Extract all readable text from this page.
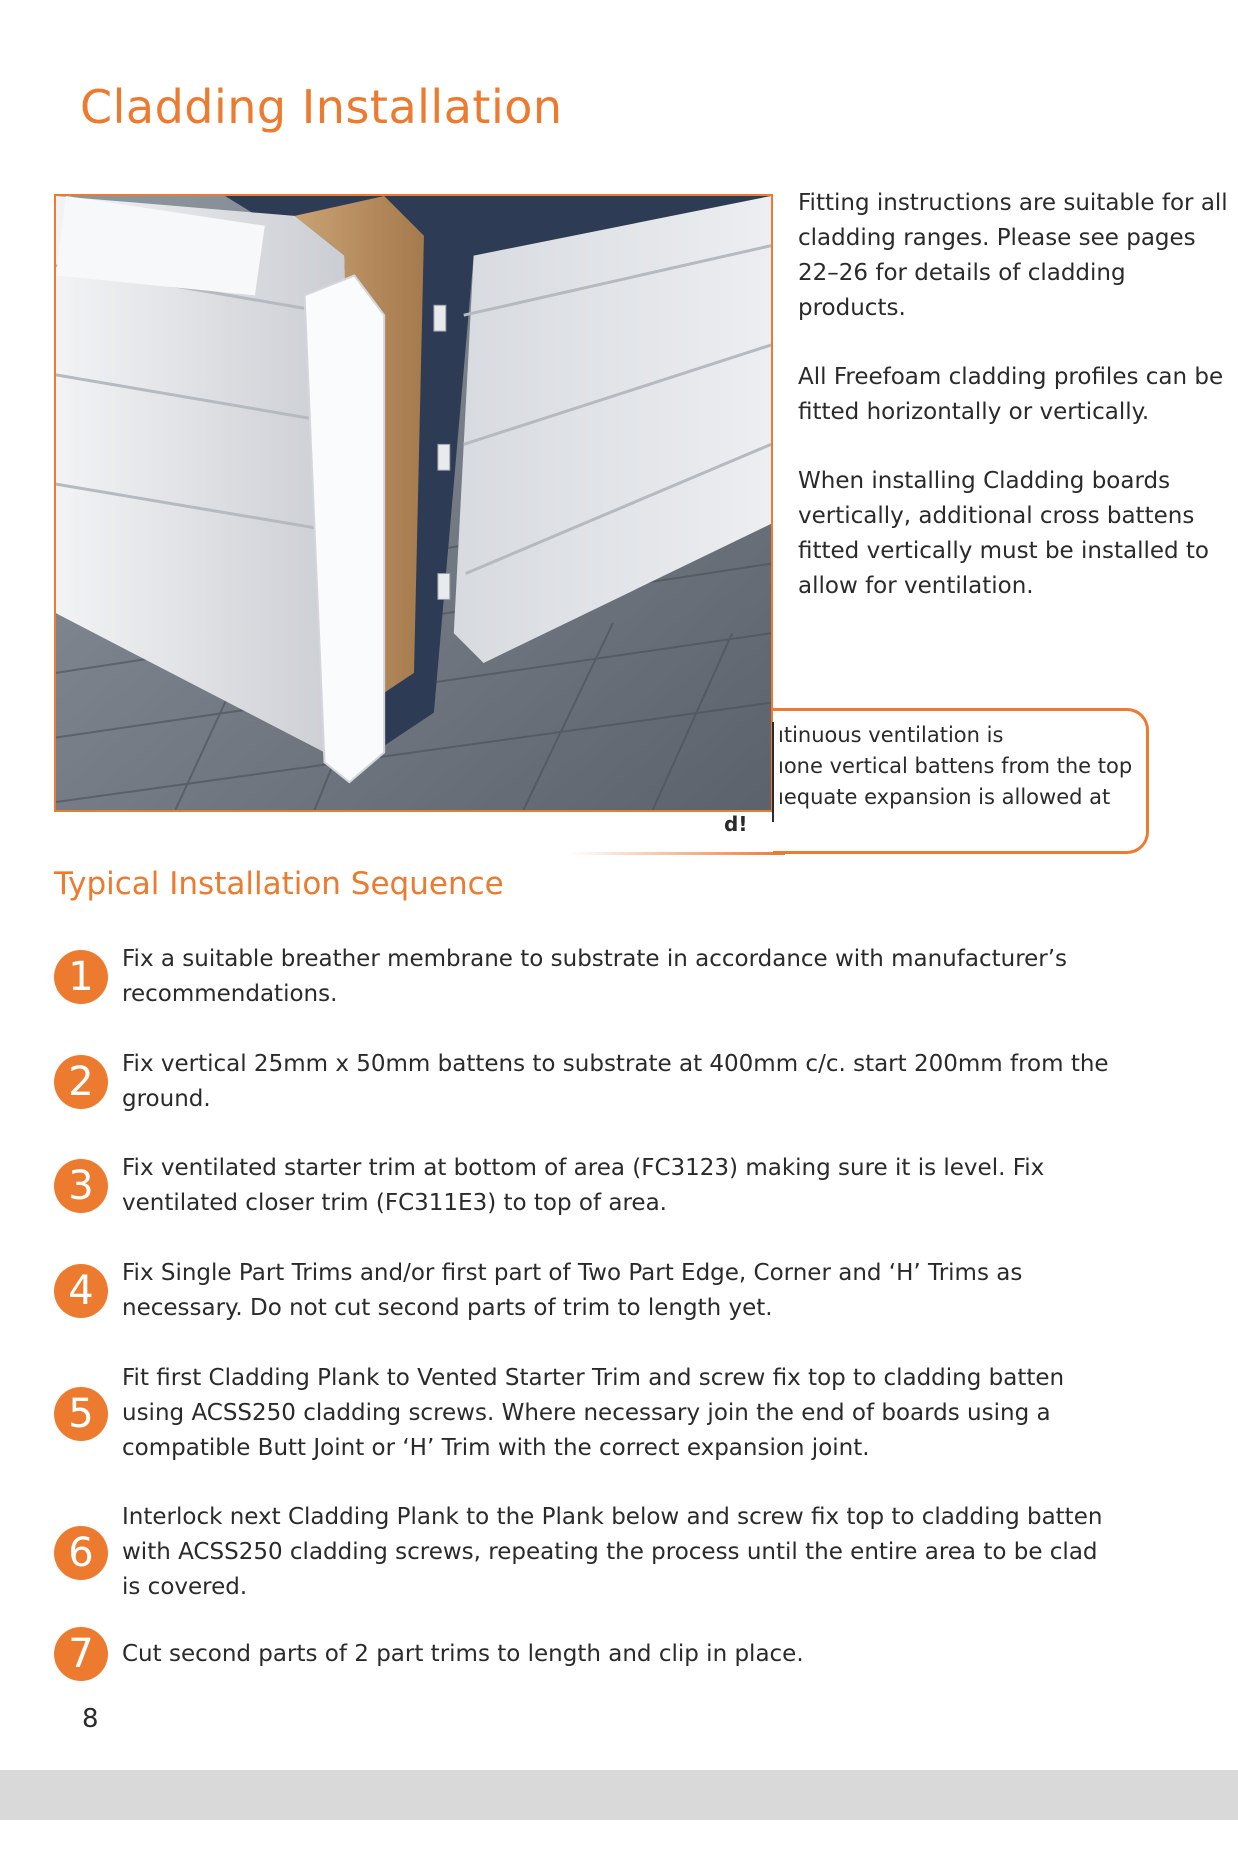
Cladding Installation

Fitting instructions are suitable for all cladding ranges. Please see pages 22–26 for details of cladding products.

All Freefoam cladding profiles can be fitted horizontally or vertically.

When installing Cladding boards vertically, additional cross battens fitted vertically must be installed to allow for ventilation.

ıtinuous ventilation is
ıone vertical battens from the top
ıequate expansion is allowed at
d!
Typical Installation Sequence
1	Fix a suitable breather membrane to substrate in accordance with manufacturer’s recommendations.
2	Fix vertical 25mm x 50mm battens to substrate at 400mm c/c. start 200mm from the ground.
3	Fix ventilated starter trim at bottom of area (FC3123) making sure it is level. Fix ventilated closer trim (FC311E3) to top of area.
4	Fix Single Part Trims and/or first part of Two Part Edge, Corner and ‘H’ Trims as necessary. Do not cut second parts of trim to length yet.
5
Fit first Cladding Plank to Vented Starter Trim and screw fix top to cladding batten using ACSS250 cladding screws. Where necessary join the end of boards using a compatible Butt Joint or ‘H’ Trim with the correct expansion joint.
6
Interlock next Cladding Plank to the Plank below and screw fix top to cladding batten with ACSS250 cladding screws, repeating the process until the entire area to be clad is covered.
7	Cut second parts of 2 part trims to length and clip in place.
8
